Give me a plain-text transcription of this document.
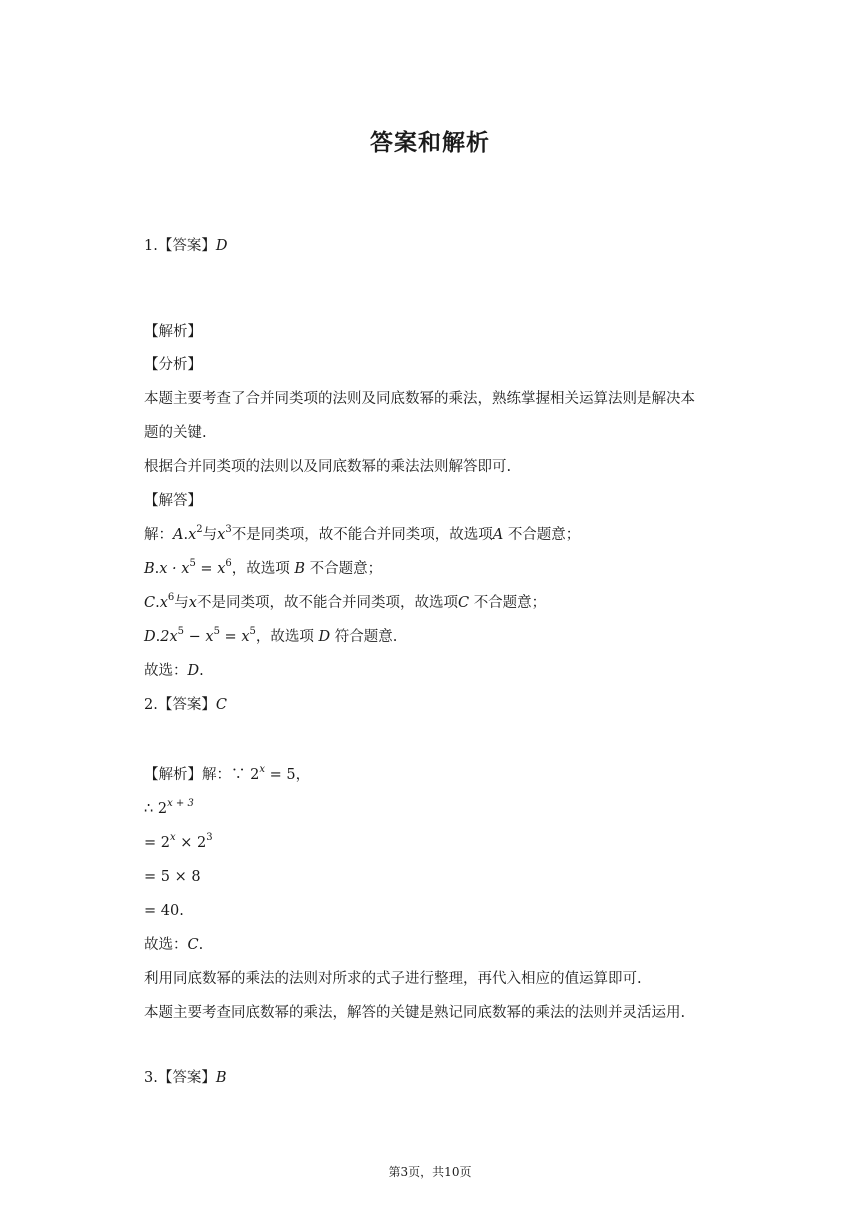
答案和解析
1.【答案】D
【解析】
【分析】
本题主要考查了合并同类项的法则及同底数幂的乘法，熟练掌握相关运算法则是解决本
题的关键.
根据合并同类项的法则以及同底数幂的乘法法则解答即可.
【解答】
解：$A.x^2$与$x^3$不是同类项，故不能合并同类项，故选项A 不合题意；
$B.x \cdot x^5 = x^6$，故选项 B 不合题意；
$C.x^6$与x不是同类项，故不能合并同类项，故选项C 不合题意；
$D.2x^5 - x^5 = x^5$，故选项 D 符合题意.
故选：D.
2.【答案】C
【解析】解：∵ $2^x = 5$，
∴ $2^{x + 3}$
= $2^x \times 2^3$
= 5 × 8
= 40.
故选：C.
利用同底数幂的乘法的法则对所求的式子进行整理，再代入相应的值运算即可.
本题主要考查同底数幂的乘法，解答的关键是熟记同底数幂的乘法的法则并灵活运用.
3.【答案】B
第3页，共10页
